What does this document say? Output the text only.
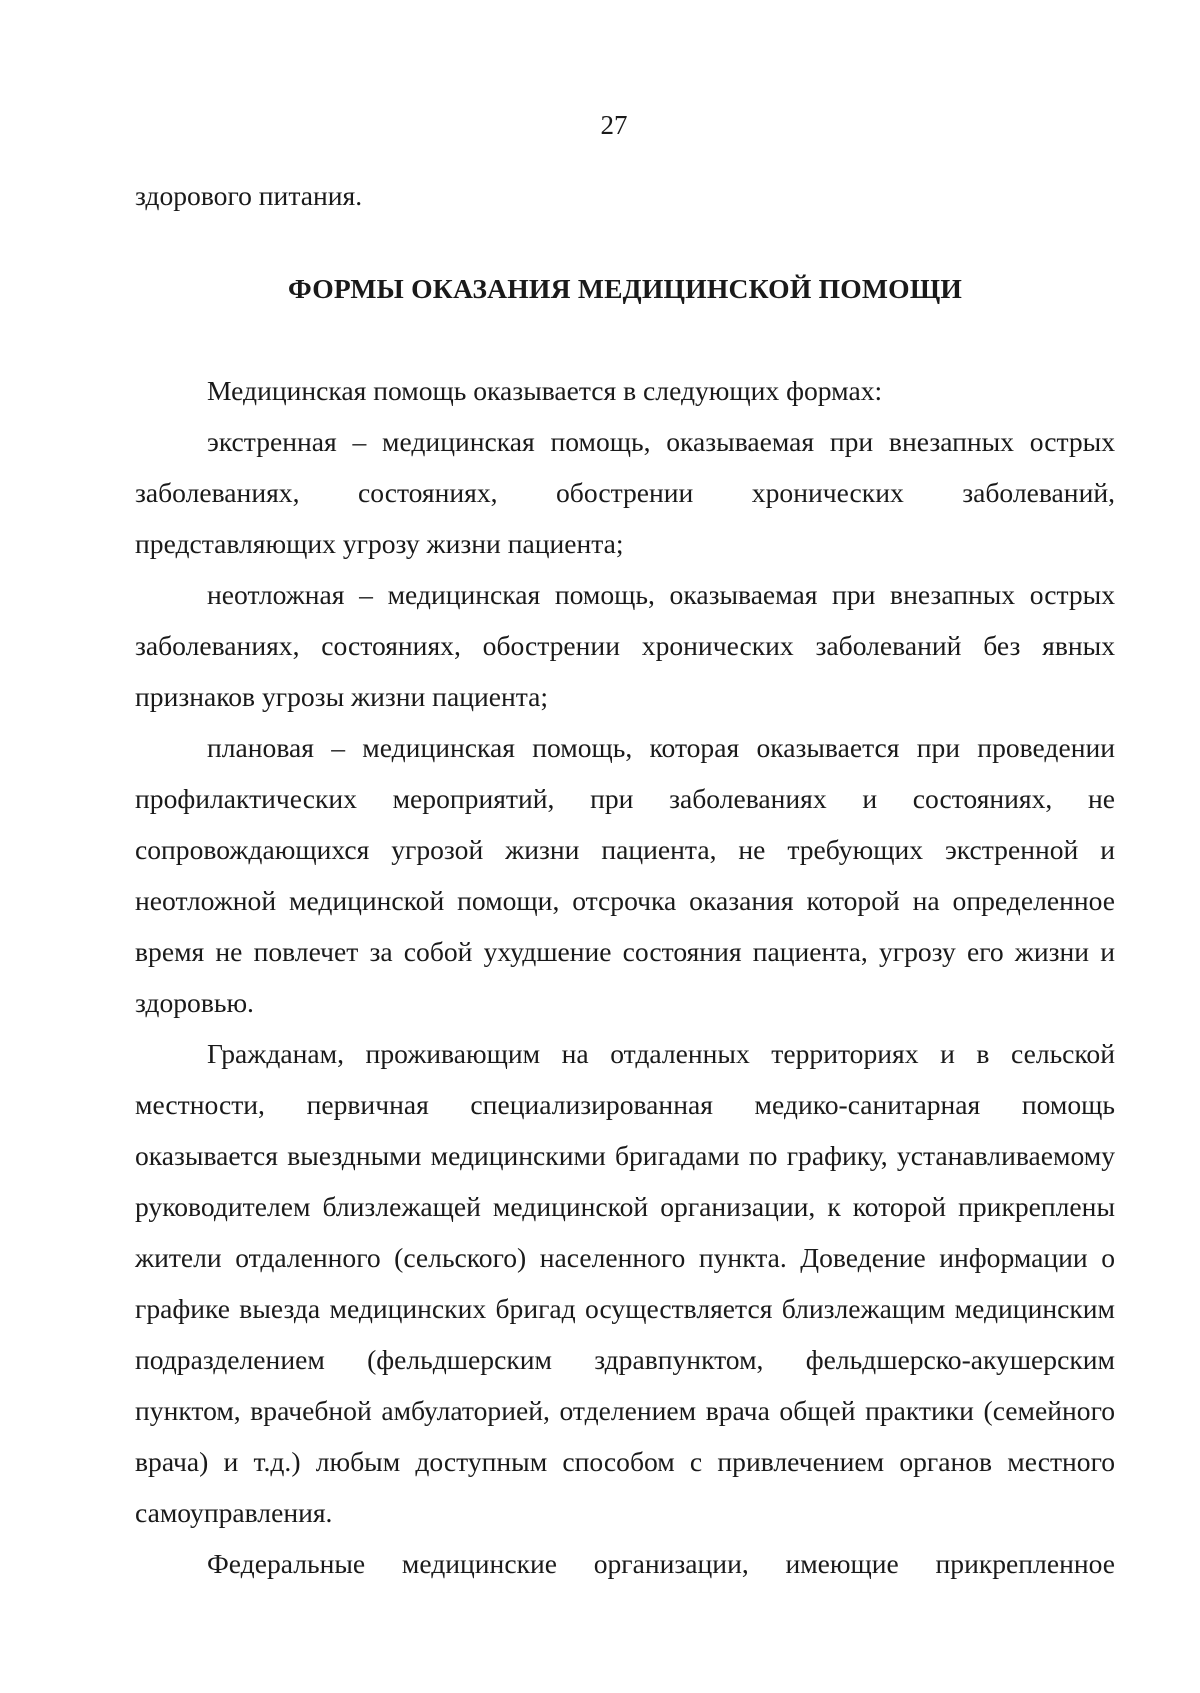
27

здорового питания.

ФОРМЫ ОКАЗАНИЯ МЕДИЦИНСКОЙ ПОМОЩИ

Медицинская помощь оказывается в следующих формах:

экстренная – медицинская помощь, оказываемая при внезапных острых заболеваниях, состояниях, обострении хронических заболеваний, представляющих угрозу жизни пациента;

неотложная – медицинская помощь, оказываемая при внезапных острых заболеваниях, состояниях, обострении хронических заболеваний без явных признаков угрозы жизни пациента;

плановая – медицинская помощь, которая оказывается при проведении профилактических мероприятий, при заболеваниях и состояниях, не сопровождающихся угрозой жизни пациента, не требующих экстренной и неотложной медицинской помощи, отсрочка оказания которой на определенное время не повлечет за собой ухудшение состояния пациента, угрозу его жизни и здоровью.

Гражданам, проживающим на отдаленных территориях и в сельской местности, первичная специализированная медико-санитарная помощь оказывается выездными медицинскими бригадами по графику, устанавливаемому руководителем близлежащей медицинской организации, к которой прикреплены жители отдаленного (сельского) населенного пункта. Доведение информации о графике выезда медицинских бригад осуществляется близлежащим медицинским подразделением (фельдшерским здравпунктом, фельдшерско-акушерским пунктом, врачебной амбулаторией, отделением врача общей практики (семейного врача) и т.д.) любым доступным способом с привлечением органов местного самоуправления.

Федеральные медицинские организации, имеющие прикрепленное
